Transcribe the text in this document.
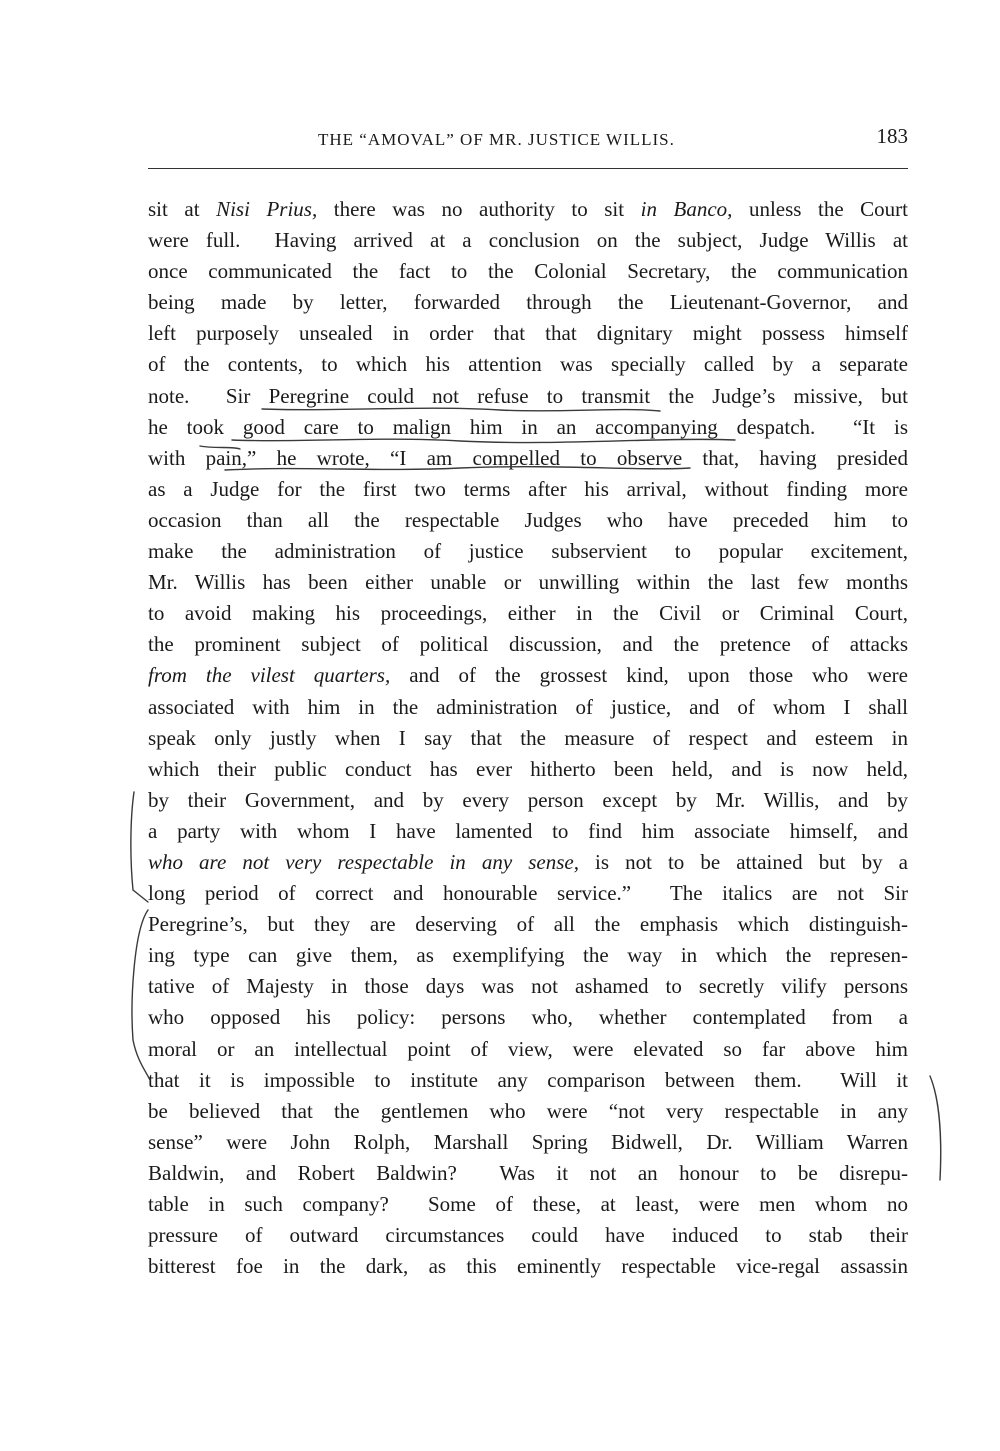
THE “AMOVAL” OF MR. JUSTICE WILLIS.	183
sit at Nisi Prius, there was no authority to sit in Banco, unless the Court
were full.  Having arrived at a conclusion on the subject, Judge Willis at
once communicated the fact to the Colonial Secretary, the communication
being made by letter, forwarded through the Lieutenant-Governor, and
left purposely unsealed in order that that dignitary might possess himself
of the contents, to which his attention was specially called by a separate
note.  Sir Peregrine could not refuse to transmit the Judge’s missive, but
he took good care to malign him in an accompanying despatch.  “It is
with pain,” he wrote, “I am compelled to observe that, having presided
as a Judge for the first two terms after his arrival, without finding more
occasion than all the respectable Judges who have preceded him to
make the administration of justice subservient to popular excitement,
Mr. Willis has been either unable or unwilling within the last few months
to avoid making his proceedings, either in the Civil or Criminal Court,
the prominent subject of political discussion, and the pretence of attacks
from the vilest quarters, and of the grossest kind, upon those who were
associated with him in the administration of justice, and of whom I shall
speak only justly when I say that the measure of respect and esteem in
which their public conduct has ever hitherto been held, and is now held,
by their Government, and by every person except by Mr. Willis, and by
a party with whom I have lamented to find him associate himself, and
who are not very respectable in any sense, is not to be attained but by a
long period of correct and honourable service.”  The italics are not Sir
Peregrine’s, but they are deserving of all the emphasis which distinguish-
ing type can give them, as exemplifying the way in which the represen-
tative of Majesty in those days was not ashamed to secretly vilify persons
who opposed his policy: persons who, whether contemplated from a
moral or an intellectual point of view, were elevated so far above him
that it is impossible to institute any comparison between them.  Will it
be believed that the gentlemen who were “not very respectable in any
sense” were John Rolph, Marshall Spring Bidwell, Dr. William Warren
Baldwin, and Robert Baldwin?  Was it not an honour to be disrepu-
table in such company?  Some of these, at least, were men whom no
pressure of outward circumstances could have induced to stab their
bitterest foe in the dark, as this eminently respectable vice-regal assassin
